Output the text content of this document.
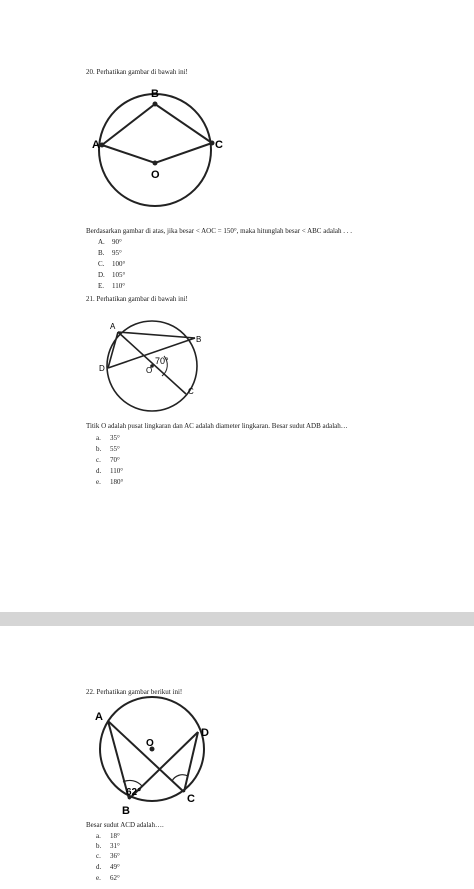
20. Perhatikan gambar di bawah ini!
A
B
C
O
Berdasarkan gambar di atas, jika besar < AOC = 150°, maka hitunglah besar < ABC adalah . . .
A. 90°
B. 95°
C. 100°
D. 105°
E. 110°
21. Perhatikan gambar di bawah ini!
A
B
C
D	O
70°
Titik O adalah pusat lingkaran dan AC adalah diameter lingkaran. Besar sudut ADB adalah…
a. 35°
b. 55°
c. 70°
d. 110°
e. 180°
22. Perhatikan gambar berikut ini!
A
B
C
D
O
62°
Besar sudut ACD adalah….
a. 18°
b. 31°
c. 36°
d. 49°
e. 62°
